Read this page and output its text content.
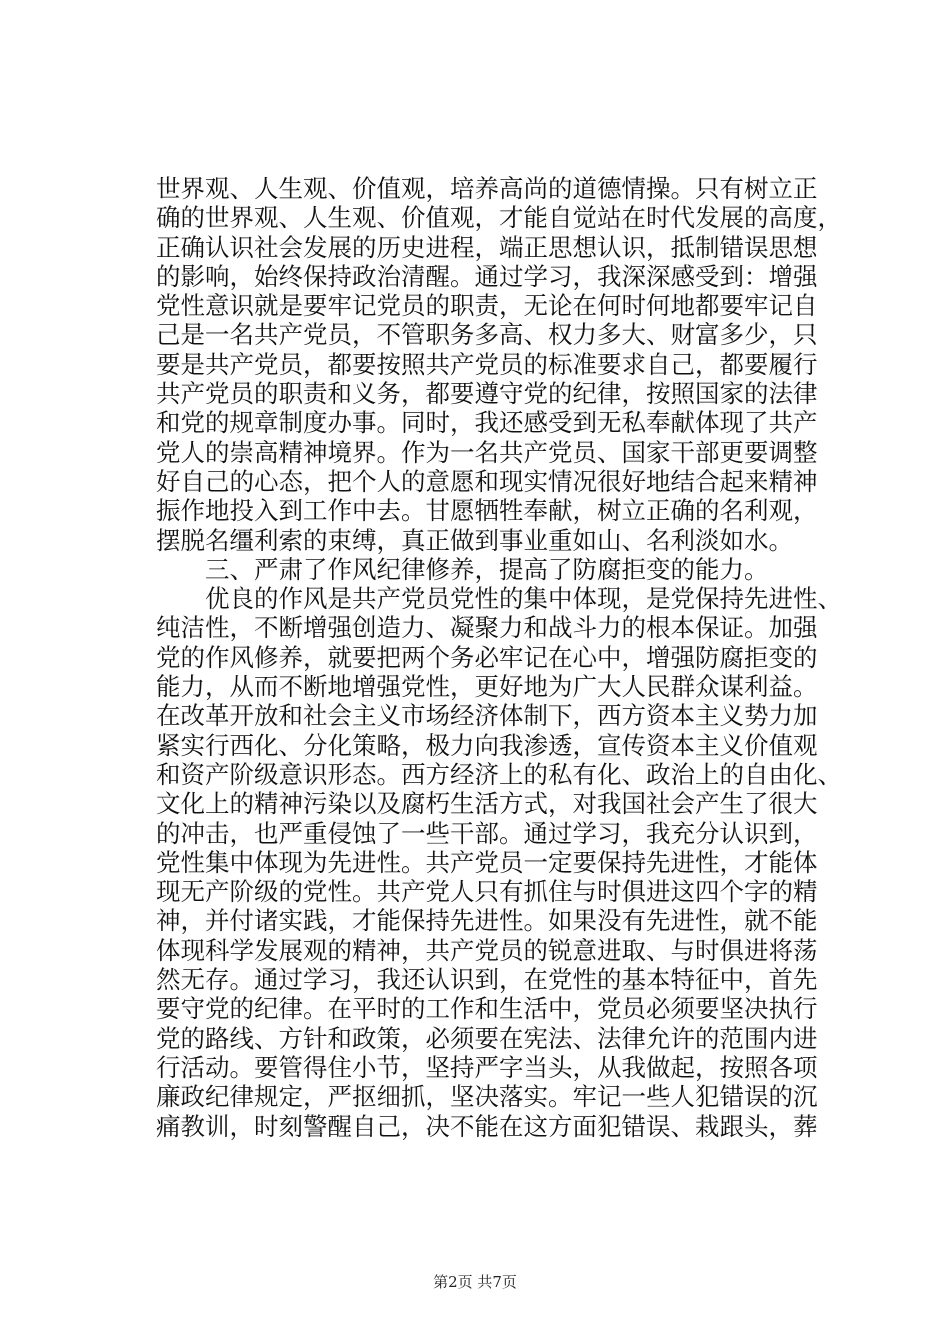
世界观、人生观、价值观，培养高尚的道德情操。只有树立正
确的世界观、人生观、价值观，才能自觉站在时代发展的高度，
正确认识社会发展的历史进程，端正思想认识，抵制错误思想
的影响，始终保持政治清醒。通过学习，我深深感受到：增强
党性意识就是要牢记党员的职责，无论在何时何地都要牢记自
己是一名共产党员，不管职务多高、权力多大、财富多少，只
要是共产党员，都要按照共产党员的标准要求自己，都要履行
共产党员的职责和义务，都要遵守党的纪律，按照国家的法律
和党的规章制度办事。同时，我还感受到无私奉献体现了共产
党人的崇高精神境界。作为一名共产党员、国家干部更要调整
好自己的心态，把个人的意愿和现实情况很好地结合起来精神
振作地投入到工作中去。甘愿牺牲奉献，树立正确的名利观，
摆脱名缰利索的束缚，真正做到事业重如山、名利淡如水。
　　三、严肃了作风纪律修养，提高了防腐拒变的能力。
　　优良的作风是共产党员党性的集中体现，是党保持先进性、
纯洁性，不断增强创造力、凝聚力和战斗力的根本保证。加强
党的作风修养，就要把两个务必牢记在心中，增强防腐拒变的
能力，从而不断地增强党性，更好地为广大人民群众谋利益。
在改革开放和社会主义市场经济体制下，西方资本主义势力加
紧实行西化、分化策略，极力向我渗透，宣传资本主义价值观
和资产阶级意识形态。西方经济上的私有化、政治上的自由化、
文化上的精神污染以及腐朽生活方式，对我国社会产生了很大
的冲击，也严重侵蚀了一些干部。通过学习，我充分认识到，
党性集中体现为先进性。共产党员一定要保持先进性，才能体
现无产阶级的党性。共产党人只有抓住与时俱进这四个字的精
神，并付诸实践，才能保持先进性。如果没有先进性，就不能
体现科学发展观的精神，共产党员的锐意进取、与时俱进将荡
然无存。通过学习，我还认识到，在党性的基本特征中，首先
要守党的纪律。在平时的工作和生活中，党员必须要坚决执行
党的路线、方针和政策，必须要在宪法、法律允许的范围内进
行活动。要管得住小节，坚持严字当头，从我做起，按照各项
廉政纪律规定，严抠细抓，坚决落实。牢记一些人犯错误的沉
痛教训，时刻警醒自己，决不能在这方面犯错误、栽跟头，葬
第2页 共7页
